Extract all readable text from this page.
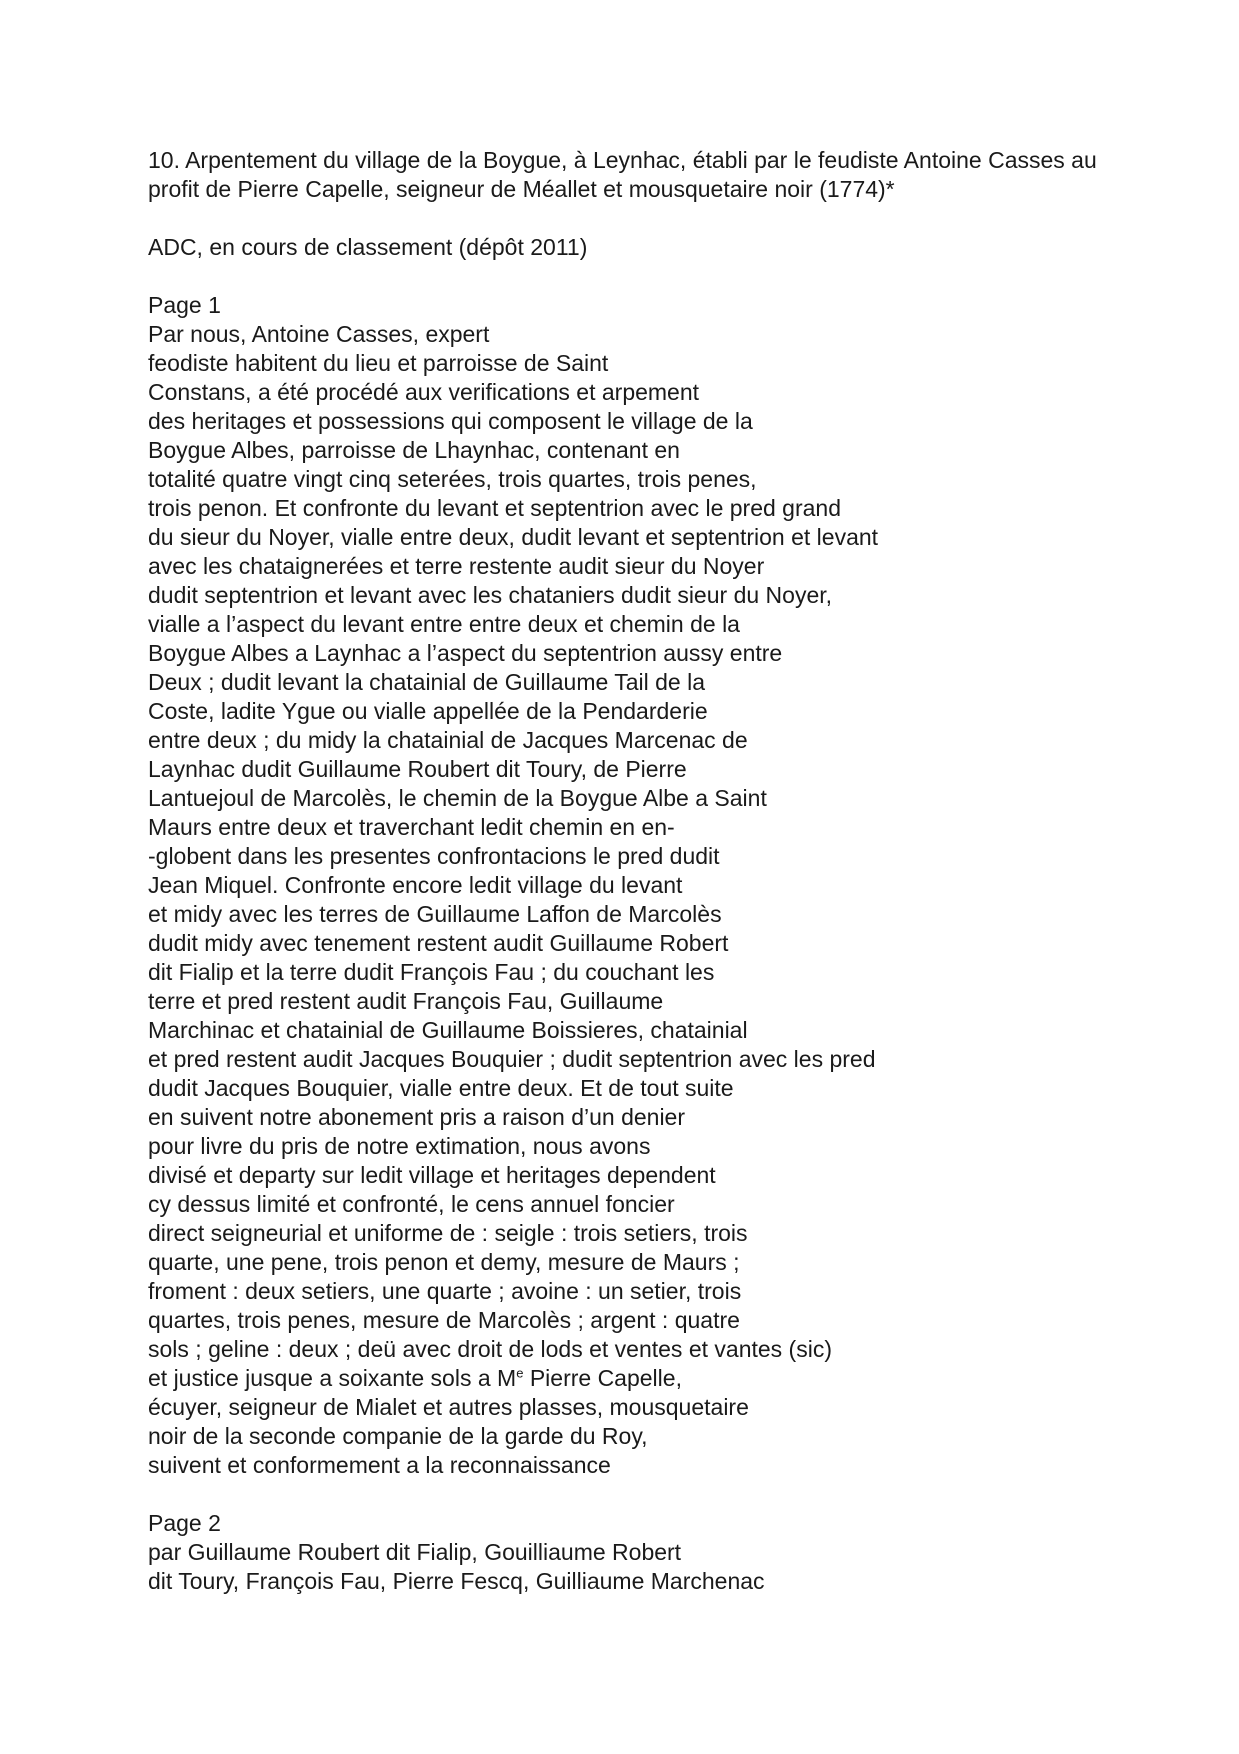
10. Arpentement du village de la Boygue, à Leynhac, établi par le feudiste Antoine Casses au
profit de Pierre Capelle, seigneur de Méallet et mousquetaire noir (1774)*
ADC, en cours de classement (dépôt 2011)
Page 1
Par nous, Antoine Casses, expert
feodiste habitent du lieu et parroisse de Saint
Constans, a été procédé aux verifications et arpement
des heritages et possessions qui composent le village de la
Boygue Albes, parroisse de Lhaynhac, contenant en
totalité quatre vingt cinq seterées, trois quartes, trois penes,
trois penon. Et confronte du levant et septentrion avec le pred grand
du sieur du Noyer, vialle entre deux, dudit levant et septentrion et levant
avec les chataignerées et terre restente audit sieur du Noyer
dudit septentrion et levant avec les chataniers dudit sieur du Noyer,
vialle a l’aspect du levant entre entre deux et chemin de la
Boygue Albes a Laynhac a l’aspect du septentrion aussy entre
Deux ; dudit levant la chatainial de Guillaume Tail de la
Coste, ladite Ygue ou vialle appellée de la Pendarderie
entre deux ; du midy la chatainial de Jacques Marcenac de
Laynhac dudit Guillaume Roubert dit Toury, de Pierre
Lantuejoul de Marcolès, le chemin de la Boygue Albe a Saint
Maurs entre deux et traverchant ledit chemin en en-
-globent dans les presentes confrontacions le pred dudit
Jean Miquel. Confronte encore ledit village du levant
et midy avec les terres de Guillaume Laffon de Marcolès
dudit midy avec tenement restent audit Guillaume Robert
dit Fialip et la terre dudit François Fau ; du couchant les
terre et pred restent audit François Fau, Guillaume
Marchinac et chatainial de Guillaume Boissieres, chatainial
et pred restent audit Jacques Bouquier ; dudit septentrion avec les pred
dudit Jacques Bouquier, vialle entre deux. Et de tout suite
en suivent notre abonement pris a raison d’un denier
pour livre du pris de notre extimation, nous avons
divisé et departy sur ledit village et heritages dependent
cy dessus limité et confronté, le cens annuel foncier
direct seigneurial et uniforme de : seigle : trois setiers, trois
quarte, une pene, trois penon et demy, mesure de Maurs ;
froment : deux setiers, une quarte ; avoine : un setier, trois
quartes, trois penes, mesure de Marcolès ; argent : quatre
sols ; geline : deux ; deü avec droit de lods et ventes et vantes (sic)
et justice jusque a soixante sols a Me Pierre Capelle,
écuyer, seigneur de Mialet et autres plasses, mousquetaire
noir de la seconde companie de la garde du Roy,
suivent et conformement a la reconnaissance
Page 2
par Guillaume Roubert dit Fialip, Gouilliaume Robert
dit Toury, François Fau, Pierre Fescq, Guilliaume Marchenac
